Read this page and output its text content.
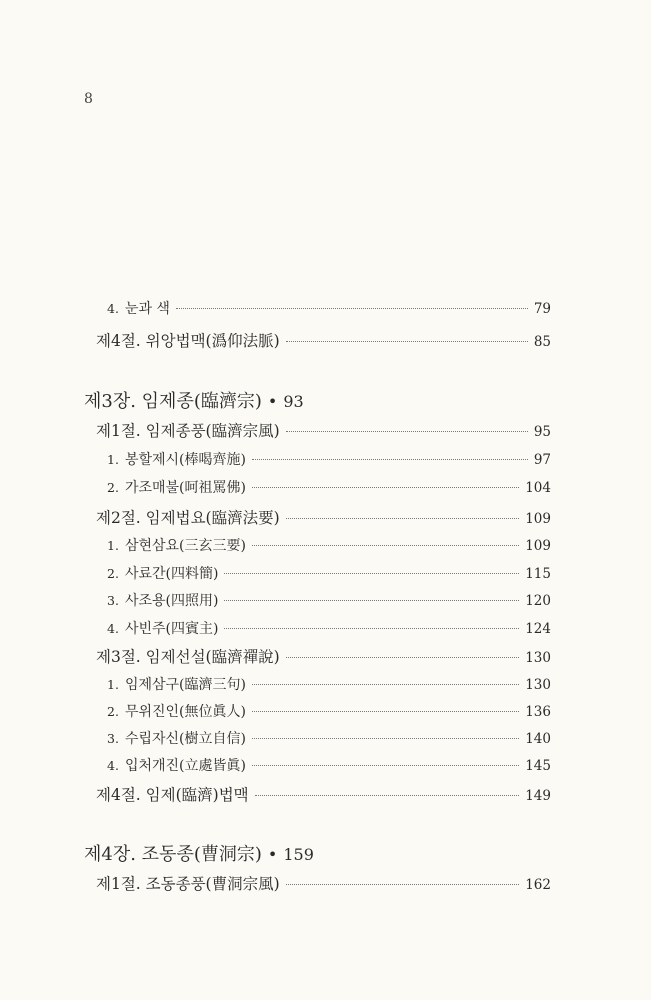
8
4. 눈과 색	79
제4절. 위앙법맥(潙仰法脈)	85
제3장. 임제종(臨濟宗) • 93
제1절. 임제종풍(臨濟宗風)	95
1. 봉할제시(棒喝齊施)	97
2. 가조매불(呵祖罵佛)	104
제2절. 임제법요(臨濟法要)	109
1. 삼현삼요(三玄三要)	109
2. 사료간(四料簡)	115
3. 사조용(四照用)	120
4. 사빈주(四賓主)	124
제3절. 임제선설(臨濟禪說)	130
1. 임제삼구(臨濟三句)	130
2. 무위진인(無位眞人)	136
3. 수립자신(樹立自信)	140
4. 입처개진(立處皆眞)	145
제4절. 임제(臨濟)법맥	149
제4장. 조동종(曹洞宗) • 159
제1절. 조동종풍(曹洞宗風)	162
